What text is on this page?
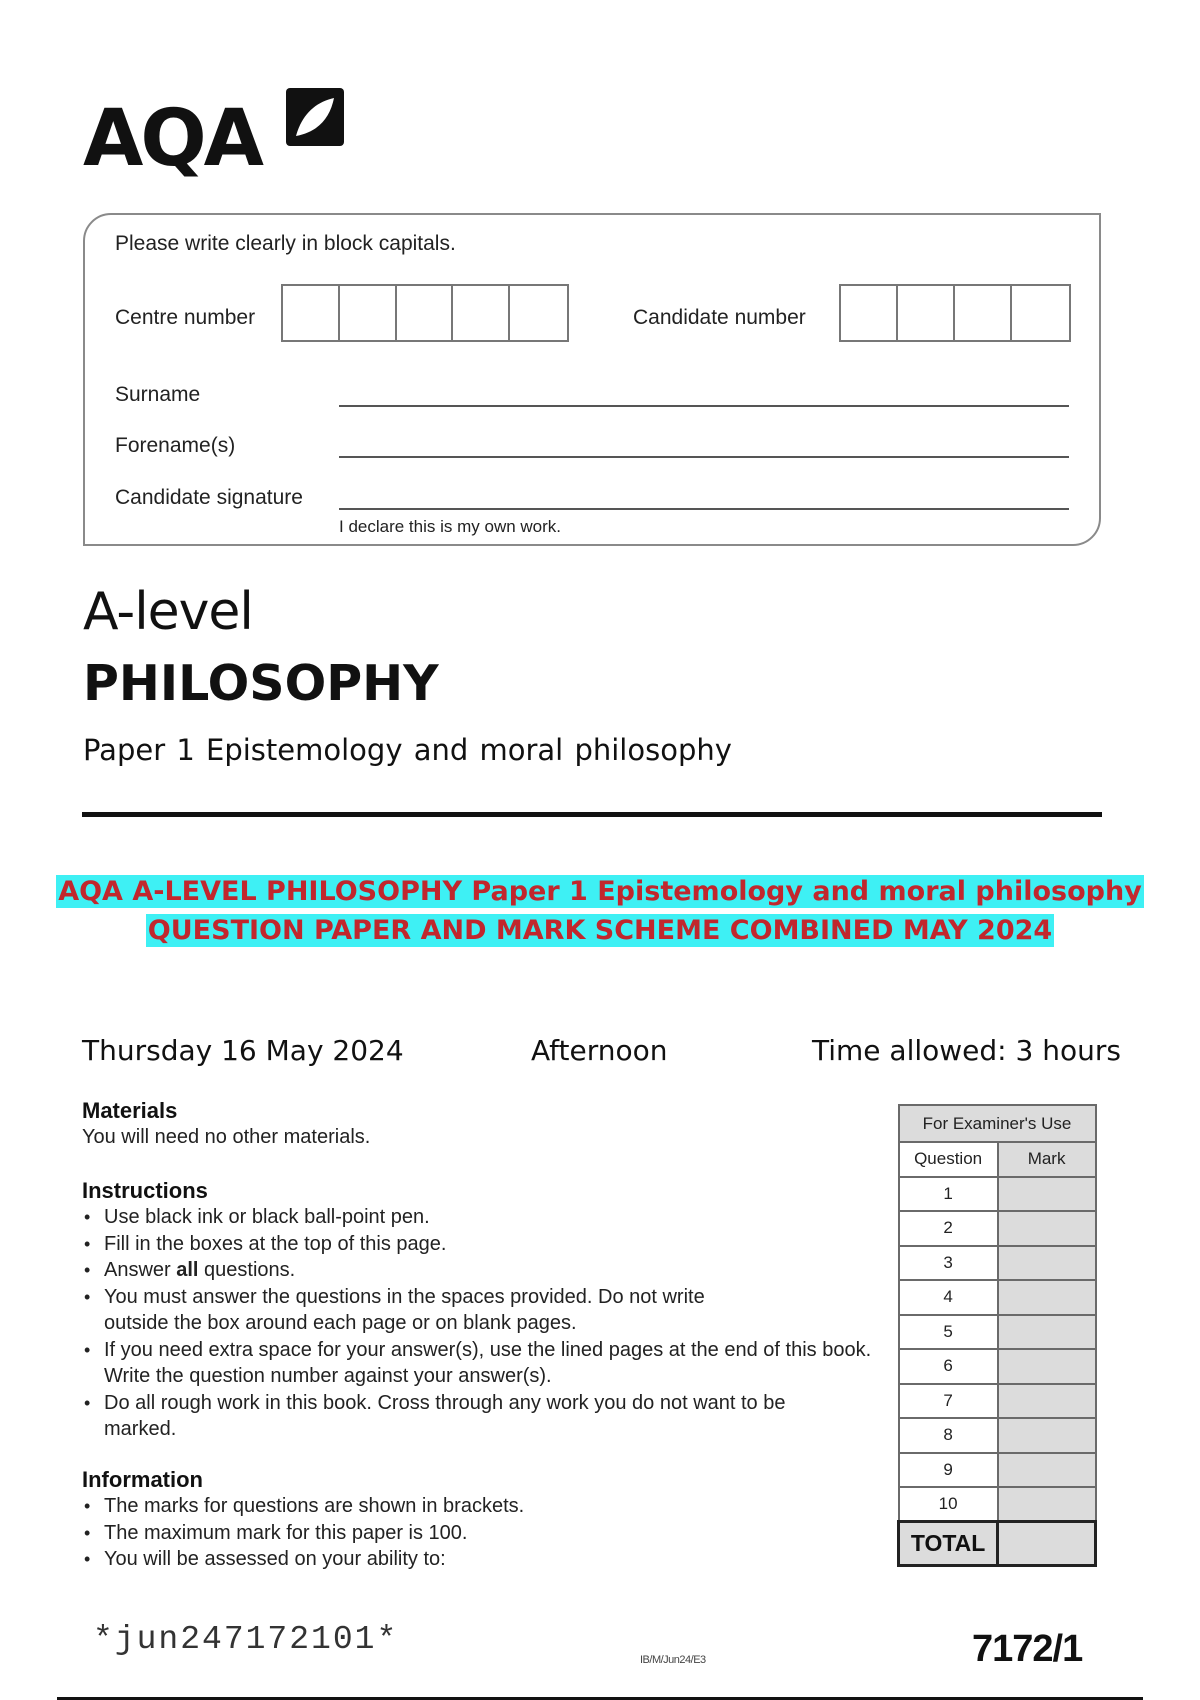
AQA
Please write clearly in block capitals.
Centre number	Candidate number
Surname
Forename(s)
Candidate signature
I declare this is my own work.
A-level
PHILOSOPHY
Paper 1 Epistemology and moral philosophy
AQA A-LEVEL PHILOSOPHY Paper 1 Epistemology and moral philosophy
QUESTION PAPER AND MARK SCHEME COMBINED MAY 2024
Thursday 16 May 2024	Afternoon	Time allowed: 3 hours
Materials
You will need no other materials.
Instructions
• Use black ink or black ball-point pen.
• Fill in the boxes at the top of this page.
• Answer all questions.
• You must answer the questions in the spaces provided. Do not write outside the box around each page or on blank pages.
• If you need extra space for your answer(s), use the lined pages at the end of this book. Write the question number against your answer(s).
• Do all rough work in this book. Cross through any work you do not want to be marked.
Information
• The marks for questions are shown in brackets.
• The maximum mark for this paper is 100.
• You will be assessed on your ability to:
For Examiner's Use	
Question	Mark
1	
2	
3	
4	
5	
6	
7	
8	
9	
10	
TOTAL	
*jun247172101*
IB/M/Jun24/E3	7172/1
